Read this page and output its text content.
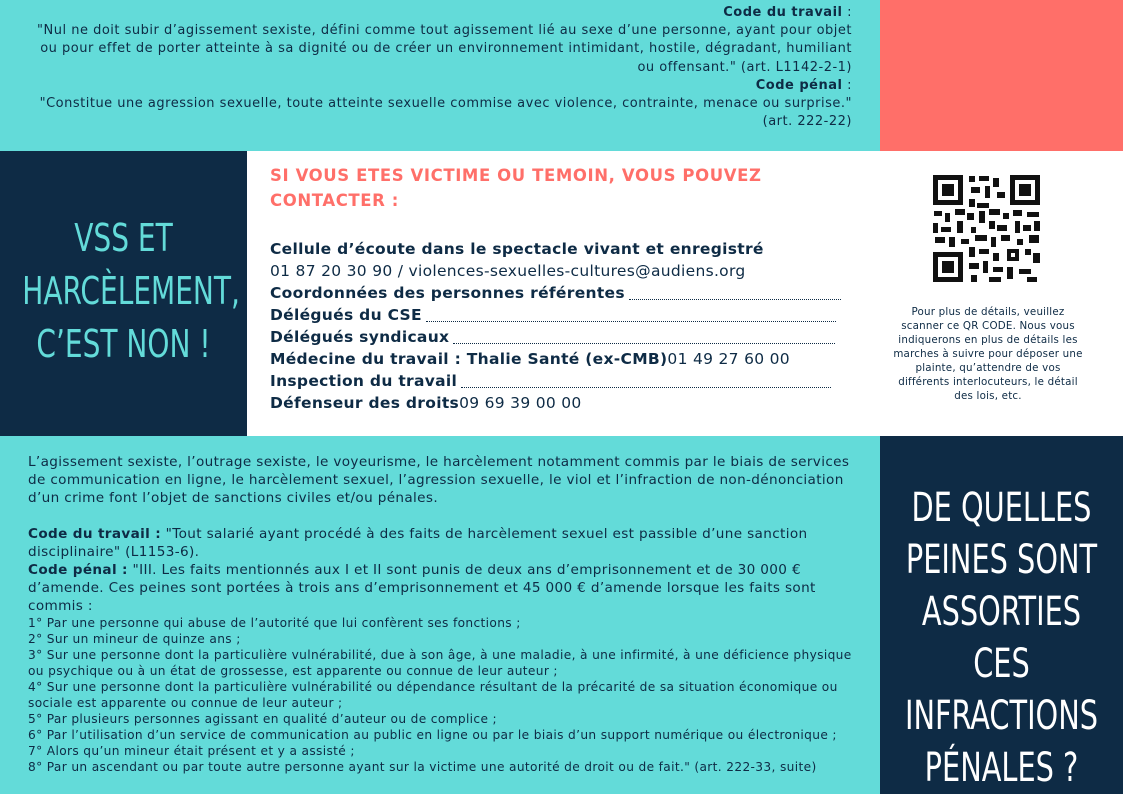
Code du travail :
"Nul ne doit subir d’agissement sexiste, défini comme tout agissement lié au sexe d’une personne, ayant pour objet ou pour effet de porter atteinte à sa dignité ou de créer un environnement intimidant, hostile, dégradant, humiliant ou offensant." (art. L1142-2-1)
Code pénal :
"Constitue une agression sexuelle, toute atteinte sexuelle commise avec violence, contrainte, menace ou surprise." (art. 222-22)
VSS ET
HARCÈLEMENT,
C’EST NON !
SI VOUS ETES VICTIME OU TEMOIN, VOUS POUVEZ
CONTACTER :
Cellule d’écoute dans le spectacle vivant et enregistré
01 87 20 30 90 / violences-sexuelles-cultures@audiens.org
Coordonnées des personnes référentes
Délégués du CSE
Délégués syndicaux
Médecine du travail : Thalie Santé (ex-CMB) 01 49 27 60 00
Inspection du travail
Défenseur des droits 09 69 39 00 00
Pour plus de détails, veuillez scanner ce QR CODE. Nous vous indiquerons en plus de détails les marches à suivre pour déposer une plainte, qu’attendre de vos différents interlocuteurs, le détail des lois, etc.

L’agissement sexiste, l’outrage sexiste, le voyeurisme, le harcèlement notamment commis par le biais de services de communication en ligne, le harcèlement sexuel, l’agression sexuelle, le viol et l’infraction de non-dénonciation d’un crime font l’objet de sanctions civiles et/ou pénales.

Code du travail : "Tout salarié ayant procédé à des faits de harcèlement sexuel est passible d’une sanction disciplinaire" (L1153-6).

Code pénal : "III. Les faits mentionnés aux I et II sont punis de deux ans d’emprisonnement et de 30 000 € d’amende. Ces peines sont portées à trois ans d’emprisonnement et 45 000 € d’amende lorsque les faits sont commis :

1° Par une personne qui abuse de l’autorité que lui confèrent ses fonctions ;
2° Sur un mineur de quinze ans ;
3° Sur une personne dont la particulière vulnérabilité, due à son âge, à une maladie, à une infirmité, à une déficience physique ou psychique ou à un état de grossesse, est apparente ou connue de leur auteur ;
4° Sur une personne dont la particulière vulnérabilité ou dépendance résultant de la précarité de sa situation économique ou sociale est apparente ou connue de leur auteur ;
5° Par plusieurs personnes agissant en qualité d’auteur ou de complice ;
6° Par l’utilisation d’un service de communication au public en ligne ou par le biais d’un support numérique ou électronique ;
7° Alors qu’un mineur était présent et y a assisté ;
8° Par un ascendant ou par toute autre personne ayant sur la victime une autorité de droit ou de fait." (art. 222-33, suite)
DE QUELLES
PEINES SONT
ASSORTIES CES
INFRACTIONS
PÉNALES ?
